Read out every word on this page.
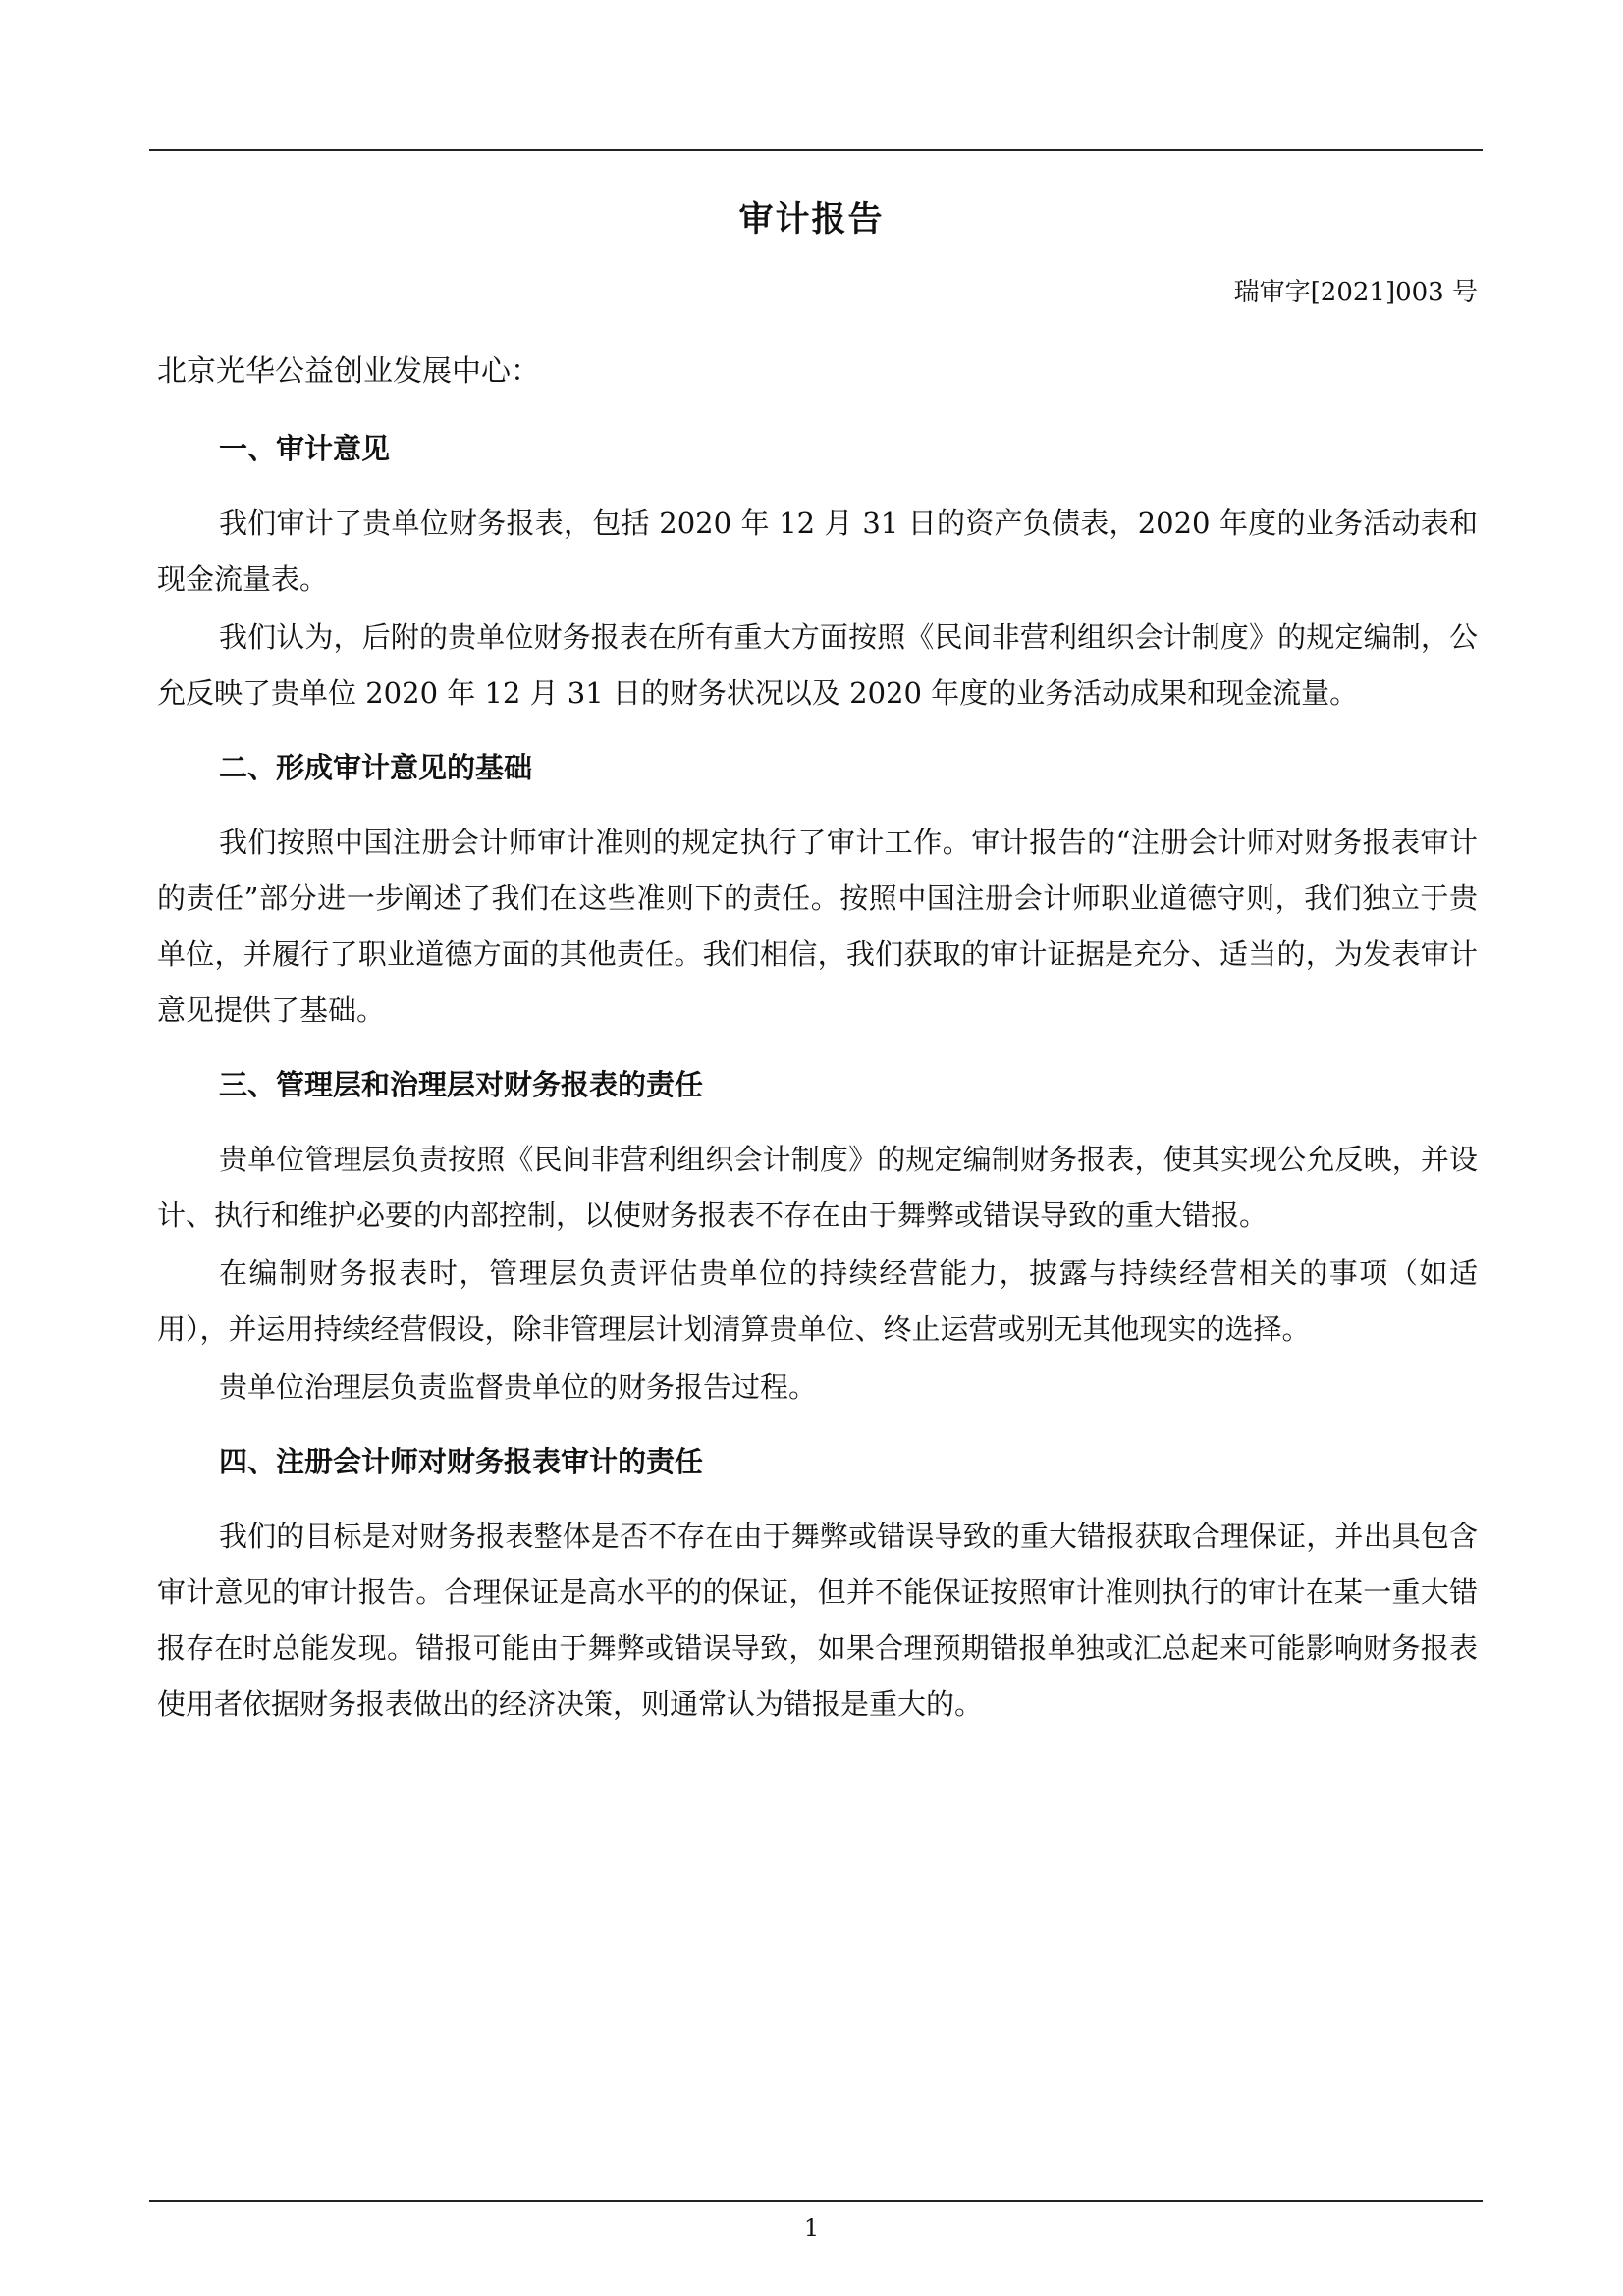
审计报告
瑞审字[2021]003 号
北京光华公益创业发展中心：
一、审计意见

我们审计了贵单位财务报表，包括 2020 年 12 月 31 日的资产负债表，2020 年度的业务活动表和现金流量表。

我们认为，后附的贵单位财务报表在所有重大方面按照《民间非营利组织会计制度》的规定编制，公允反映了贵单位 2020 年 12 月 31 日的财务状况以及 2020 年度的业务活动成果和现金流量。

二、形成审计意见的基础

我们按照中国注册会计师审计准则的规定执行了审计工作。审计报告的“注册会计师对财务报表审计的责任”部分进一步阐述了我们在这些准则下的责任。按照中国注册会计师职业道德守则，我们独立于贵单位，并履行了职业道德方面的其他责任。我们相信，我们获取的审计证据是充分、适当的，为发表审计意见提供了基础。

三、管理层和治理层对财务报表的责任

贵单位管理层负责按照《民间非营利组织会计制度》的规定编制财务报表，使其实现公允反映，并设计、执行和维护必要的内部控制，以使财务报表不存在由于舞弊或错误导致的重大错报。

在编制财务报表时，管理层负责评估贵单位的持续经营能力，披露与持续经营相关的事项（如适用），并运用持续经营假设，除非管理层计划清算贵单位、终止运营或别无其他现实的选择。

贵单位治理层负责监督贵单位的财务报告过程。

四、注册会计师对财务报表审计的责任

我们的目标是对财务报表整体是否不存在由于舞弊或错误导致的重大错报获取合理保证，并出具包含审计意见的审计报告。合理保证是高水平的的保证，但并不能保证按照审计准则执行的审计在某一重大错报存在时总能发现。错报可能由于舞弊或错误导致，如果合理预期错报单独或汇总起来可能影响财务报表使用者依据财务报表做出的经济决策，则通常认为错报是重大的。

1
